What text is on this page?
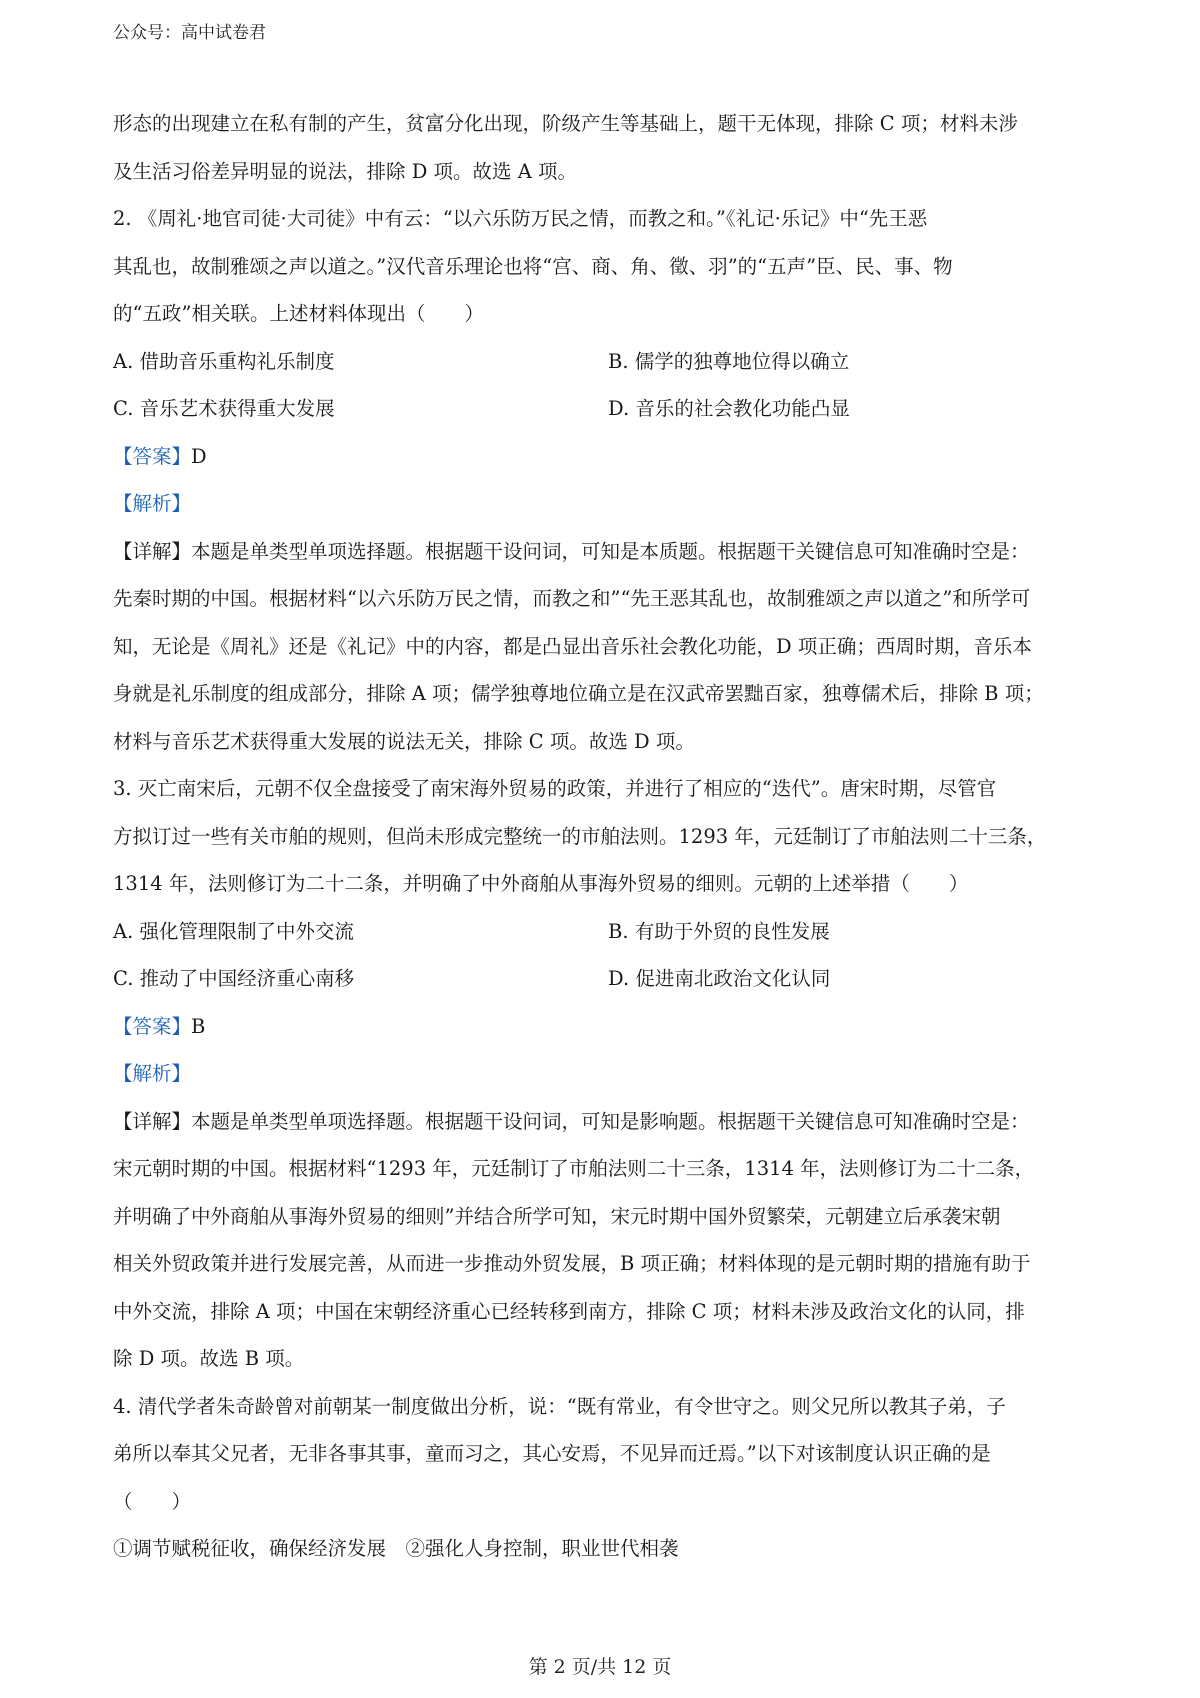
公众号：高中试卷君
形态的出现建立在私有制的产生，贫富分化出现，阶级产生等基础上，题干无体现，排除 C 项；材料未涉
及生活习俗差异明显的说法，排除 D 项。故选 A 项。
2. 《周礼·地官司徒·大司徒》中有云：“以六乐防万民之情，而教之和。”《礼记·乐记》中“先王恶
其乱也，故制雅颂之声以道之。”汉代音乐理论也将“宫、商、角、徵、羽”的“五声”臣、民、事、物
的“五政”相关联。上述材料体现出（　　）
A. 借助音乐重构礼乐制度	B. 儒学的独尊地位得以确立
C. 音乐艺术获得重大发展	D. 音乐的社会教化功能凸显
【答案】D
【解析】
【详解】本题是单类型单项选择题。根据题干设问词，可知是本质题。根据题干关键信息可知准确时空是：
先秦时期的中国。根据材料“以六乐防万民之情，而教之和”“先王恶其乱也，故制雅颂之声以道之”和所学可
知，无论是《周礼》还是《礼记》中的内容，都是凸显出音乐社会教化功能，D 项正确；西周时期，音乐本
身就是礼乐制度的组成部分，排除 A 项；儒学独尊地位确立是在汉武帝罢黜百家，独尊儒术后，排除 B 项；
材料与音乐艺术获得重大发展的说法无关，排除 C 项。故选 D 项。
3. 灭亡南宋后，元朝不仅全盘接受了南宋海外贸易的政策，并进行了相应的“迭代”。唐宋时期，尽管官
方拟订过一些有关市舶的规则，但尚未形成完整统一的市舶法则。1293 年，元廷制订了市舶法则二十三条，
1314 年，法则修订为二十二条，并明确了中外商舶从事海外贸易的细则。元朝的上述举措（　　）
A. 强化管理限制了中外交流	B. 有助于外贸的良性发展
C. 推动了中国经济重心南移	D. 促进南北政治文化认同
【答案】B
【解析】
【详解】本题是单类型单项选择题。根据题干设问词，可知是影响题。根据题干关键信息可知准确时空是：
宋元朝时期的中国。根据材料“1293 年，元廷制订了市舶法则二十三条，1314 年，法则修订为二十二条，
并明确了中外商舶从事海外贸易的细则”并结合所学可知，宋元时期中国外贸繁荣，元朝建立后承袭宋朝
相关外贸政策并进行发展完善，从而进一步推动外贸发展，B 项正确；材料体现的是元朝时期的措施有助于
中外交流，排除 A 项；中国在宋朝经济重心已经转移到南方，排除 C 项；材料未涉及政治文化的认同，排
除 D 项。故选 B 项。
4. 清代学者朱奇龄曾对前朝某一制度做出分析，说：“既有常业，有令世守之。则父兄所以教其子弟，子
弟所以奉其父兄者，无非各事其事，童而习之，其心安焉，不见异而迁焉。”以下对该制度认识正确的是
（　　）
①调节赋税征收，确保经济发展　②强化人身控制，职业世代相袭
第 2 页/共 12 页
